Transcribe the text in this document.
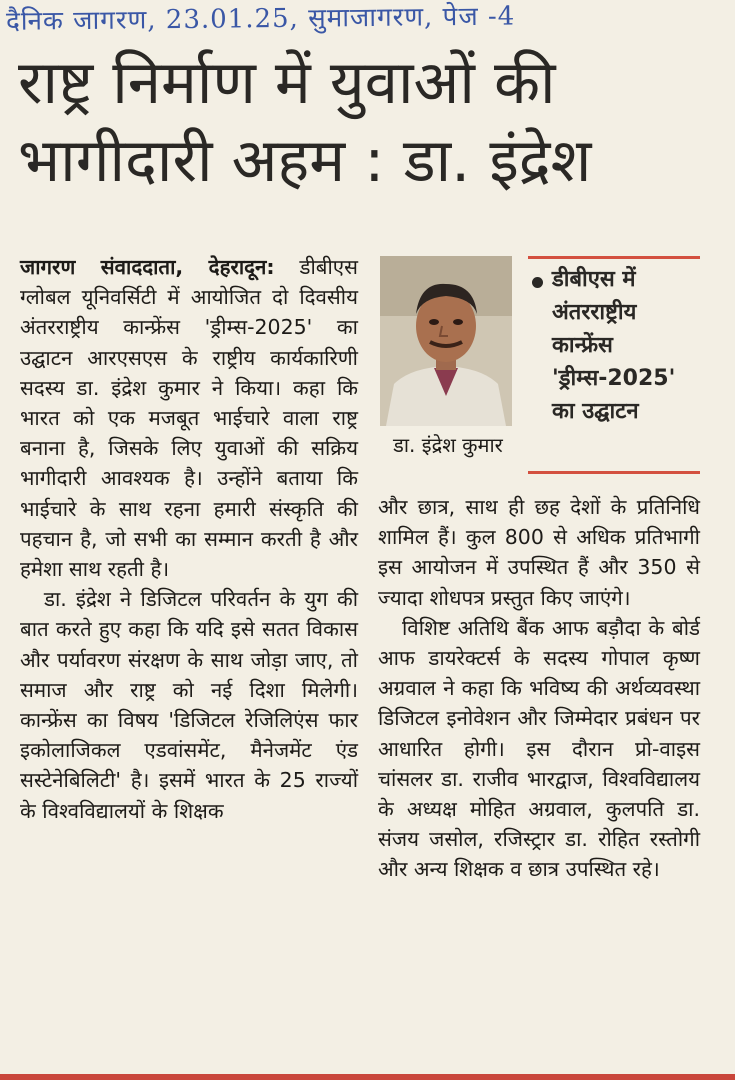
दैनिक जागरण, 23.01.25, सुमाजागरण, पेज -4
राष्ट्र निर्माण में युवाओं की
भागीदारी अहम : डा. इंद्रेश

जागरण संवाददाता, देहरादून: डीबीएस ग्लोबल यूनिवर्सिटी में आयोजित दो दिवसीय अंतरराष्ट्रीय कान्फ्रेंस 'ड्रीम्स-2025' का उद्घाटन आरएसएस के राष्ट्रीय कार्यकारिणी सदस्य डा. इंद्रेश कुमार ने किया। कहा कि भारत को एक मजबूत भाईचारे वाला राष्ट्र बनाना है, जिसके लिए युवाओं की सक्रिय भागीदारी आवश्यक है। उन्होंने बताया कि भाईचारे के साथ रहना हमारी संस्कृति की पहचान है, जो सभी का सम्मान करती है और हमेशा साथ रहती है।

डा. इंद्रेश ने डिजिटल परिवर्तन के युग की बात करते हुए कहा कि यदि इसे सतत विकास और पर्यावरण संरक्षण के साथ जोड़ा जाए, तो समाज और राष्ट्र को नई दिशा मिलेगी। कान्फ्रेंस का विषय 'डिजिटल रेजिलिएंस फार इकोलाजिकल एडवांसमेंट, मैनेजमेंट एंड सस्टेनेबिलिटी' है। इसमें भारत के 25 राज्यों के विश्वविद्यालयों के शिक्षक

डा. इंद्रेश कुमार
डीबीएस में
अंतरराष्ट्रीय
कान्फ्रेंस
'ड्रीम्स-2025'
का उद्घाटन

और छात्र, साथ ही छह देशों के प्रतिनिधि शामिल हैं। कुल 800 से अधिक प्रतिभागी इस आयोजन में उपस्थित हैं और 350 से ज्यादा शोधपत्र प्रस्तुत किए जाएंगे।

विशिष्ट अतिथि बैंक आफ बड़ौदा के बोर्ड आफ डायरेक्टर्स के सदस्य गोपाल कृष्ण अग्रवाल ने कहा कि भविष्य की अर्थव्यवस्था डिजिटल इनोवेशन और जिम्मेदार प्रबंधन पर आधारित होगी। इस दौरान प्रो-वाइस चांसलर डा. राजीव भारद्वाज, विश्वविद्यालय के अध्यक्ष मोहित अग्रवाल, कुलपति डा. संजय जसोल, रजिस्ट्रार डा. रोहित रस्तोगी और अन्य शिक्षक व छात्र उपस्थित रहे।
